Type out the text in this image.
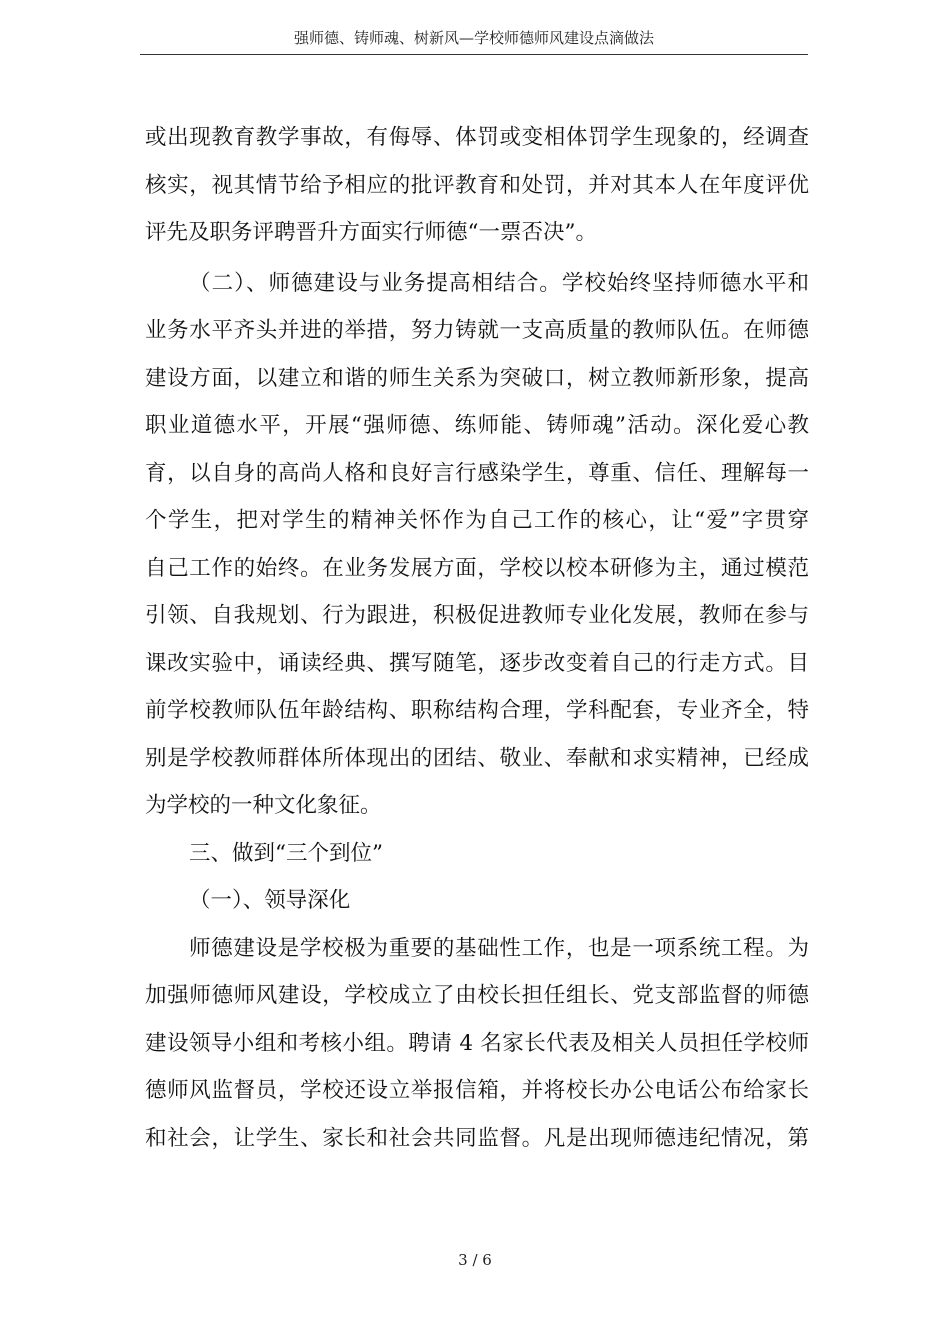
强师德、铸师魂、树新风—学校师德师风建设点滴做法
或出现教育教学事故，有侮辱、体罚或变相体罚学生现象的，经调查
核实，视其情节给予相应的批评教育和处罚，并对其本人在年度评优
评先及职务评聘晋升方面实行师德“一票否决”。
（二）、师德建设与业务提高相结合。学校始终坚持师德水平和
业务水平齐头并进的举措，努力铸就一支高质量的教师队伍。在师德
建设方面，以建立和谐的师生关系为突破口，树立教师新形象，提高
职业道德水平，开展“强师德、练师能、铸师魂”活动。深化爱心教
育，以自身的高尚人格和良好言行感染学生，尊重、信任、理解每一
个学生，把对学生的精神关怀作为自己工作的核心，让“爱”字贯穿
自己工作的始终。在业务发展方面，学校以校本研修为主，通过模范
引领、自我规划、行为跟进，积极促进教师专业化发展，教师在参与
课改实验中，诵读经典、撰写随笔，逐步改变着自己的行走方式。目
前学校教师队伍年龄结构、职称结构合理，学科配套，专业齐全，特
别是学校教师群体所体现出的团结、敬业、奉献和求实精神，已经成
为学校的一种文化象征。
三、做到“三个到位”
（一）、领导深化
师德建设是学校极为重要的基础性工作，也是一项系统工程。为
加强师德师风建设，学校成立了由校长担任组长、党支部监督的师德
建设领导小组和考核小组。聘请 4 名家长代表及相关人员担任学校师
德师风监督员，学校还设立举报信箱，并将校长办公电话公布给家长
和社会，让学生、家长和社会共同监督。凡是出现师德违纪情况，第
3 / 6
